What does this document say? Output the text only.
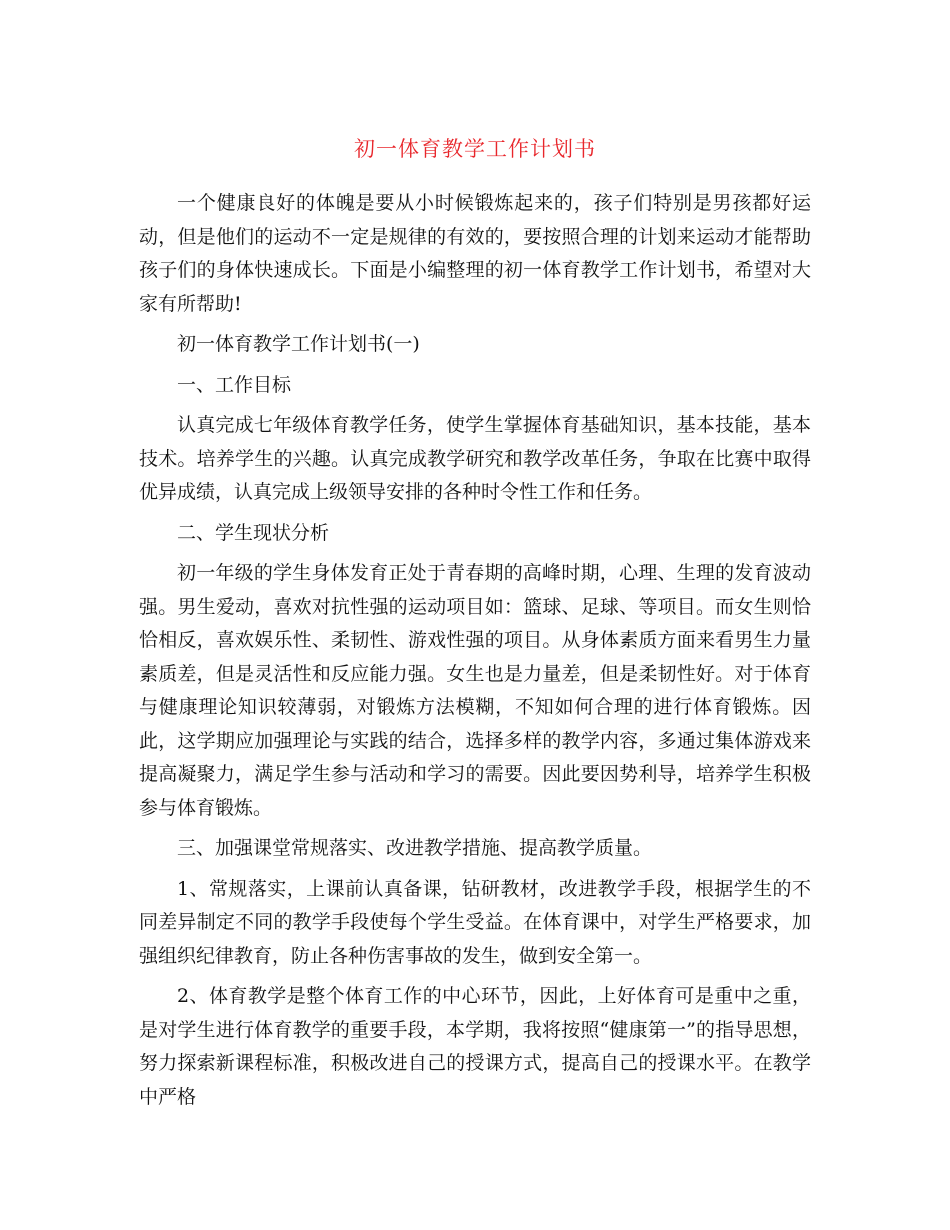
初一体育教学工作计划书

一个健康良好的体魄是要从小时候锻炼起来的，孩子们特别是男孩都好运动，但是他们的运动不一定是规律的有效的，要按照合理的计划来运动才能帮助孩子们的身体快速成长。下面是小编整理的初一体育教学工作计划书，希望对大家有所帮助!

初一体育教学工作计划书(一)

一、工作目标

认真完成七年级体育教学任务，使学生掌握体育基础知识，基本技能，基本技术。培养学生的兴趣。认真完成教学研究和教学改革任务，争取在比赛中取得优异成绩，认真完成上级领导安排的各种时令性工作和任务。

二、学生现状分析

初一年级的学生身体发育正处于青春期的高峰时期，心理、生理的发育波动强。男生爱动，喜欢对抗性强的运动项目如：篮球、足球、等项目。而女生则恰恰相反，喜欢娱乐性、柔韧性、游戏性强的项目。从身体素质方面来看男生力量素质差，但是灵活性和反应能力强。女生也是力量差，但是柔韧性好。对于体育与健康理论知识较薄弱，对锻炼方法模糊，不知如何合理的进行体育锻炼。因此，这学期应加强理论与实践的结合，选择多样的教学内容，多通过集体游戏来提高凝聚力，满足学生参与活动和学习的需要。因此要因势利导，培养学生积极参与体育锻炼。

三、加强课堂常规落实、改进教学措施、提高教学质量。

1、常规落实，上课前认真备课，钻研教材，改进教学手段，根据学生的不同差异制定不同的教学手段使每个学生受益。在体育课中，对学生严格要求，加强组织纪律教育，防止各种伤害事故的发生，做到安全第一。

2、体育教学是整个体育工作的中心环节，因此，上好体育可是重中之重，是对学生进行体育教学的重要手段，本学期，我将按照“健康第一”的指导思想，努力探索新课程标准，积极改进自己的授课方式，提高自己的授课水平。在教学中严格
